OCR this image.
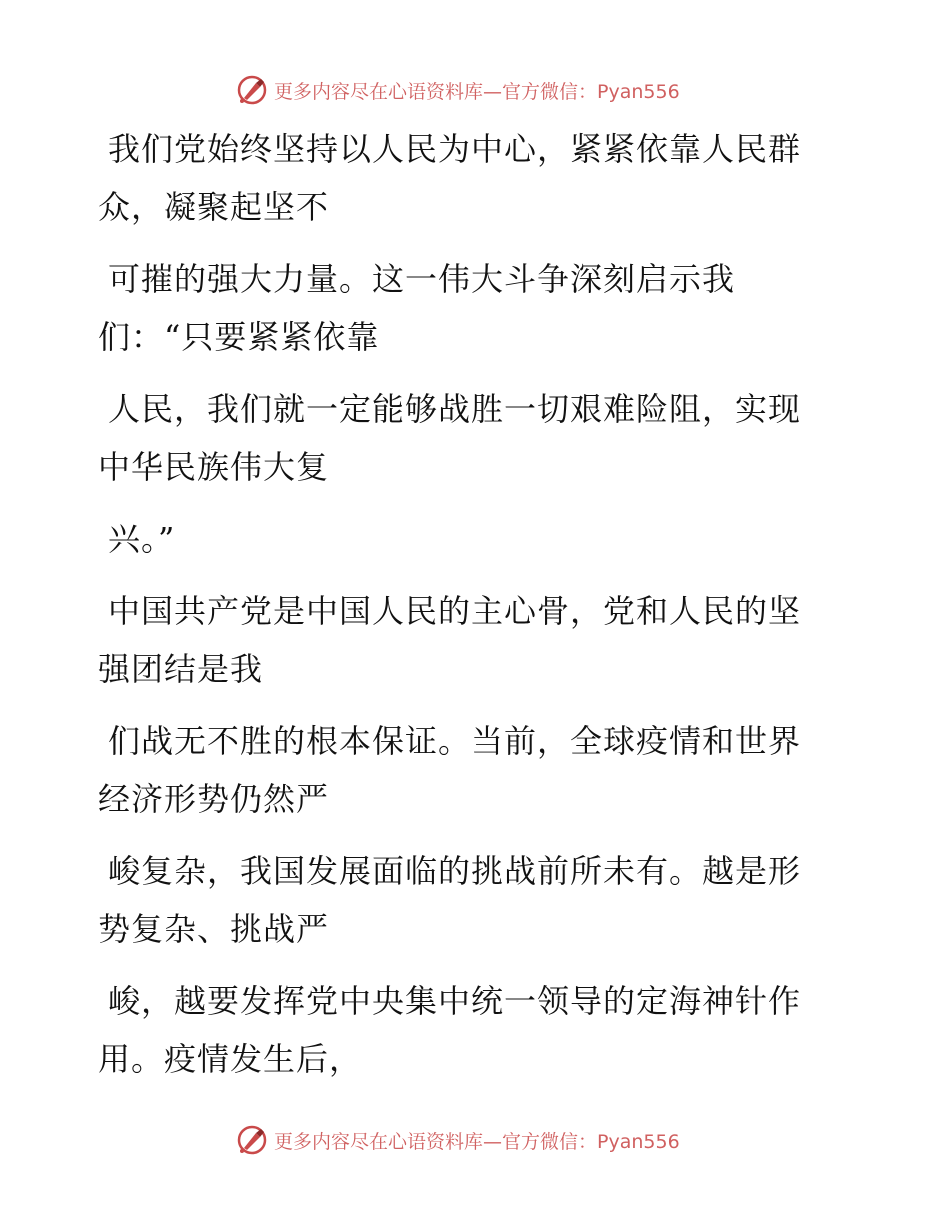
更多内容尽在心语资料库—官方微信：Pyan556

我们党始终坚持以人民为中心，紧紧依靠人民群
众，凝聚起坚不

可摧的强大力量。这一伟大斗争深刻启示我
们：“只要紧紧依靠

人民，我们就一定能够战胜一切艰难险阻，实现
中华民族伟大复

兴。”

中国共产党是中国人民的主心骨，党和人民的坚
强团结是我

们战无不胜的根本保证。当前，全球疫情和世界
经济形势仍然严

峻复杂，我国发展面临的挑战前所未有。越是形
势复杂、挑战严

峻，越要发挥党中央集中统一领导的定海神针作
用。疫情发生后，

更多内容尽在心语资料库—官方微信：Pyan556
